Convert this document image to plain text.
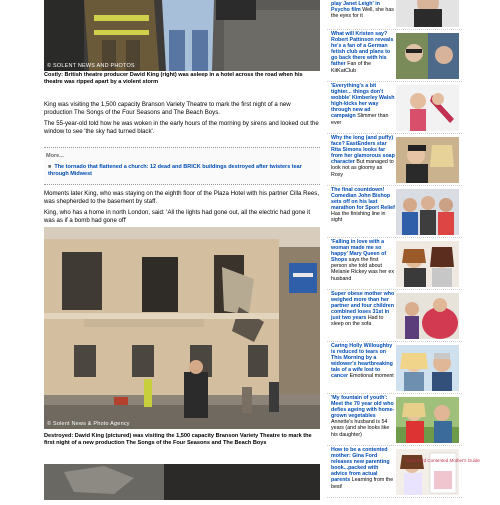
© SOLENT NEWS AND PHOTOS
Costly: British theatre producer David King (right) was asleep in a hotel across the road when his theatre was ripped apart by a violent storm
King was visiting the 1,500 capacity Branson Variety Theatre to mark the first night of a new production The Songs of the Four Seasons and The Beach Boys.
The 55-year-old told how he was woken in the early hours of the morning by sirens and looked out the window to see 'the sky had turned black'.
More...
■ The tornado that flattened a church: 12 dead and BRICK buildings destroyed after twisters tear through Midwest
Moments later King, who was staying on the eighth floor of the Plaza Hotel with his partner Cilla Rees, was shepherded to the basement by staff.
King, who has a home in north London, said: 'All the lights had gone out, all the electric had gone it was as if a bomb had gone off'
© Solent News & Photo Agency
Destroyed: David King (pictured) was visiting the 1,500 capacity Branson Variety Theatre to mark the first night of a new production The Songs of the Four Seasons and The Beach Boys
play Janet Leigh' in Psycho film Well, she has the eyes for it
What will Kristen say? Robert Pattinson reveals he's a fan of a German fetish club and plans to go back there with his father Fan of the KitKatClub
'Everything's a bit tighter... things don't wobble' Kimberley Walsh high-kicks her way through new ad campaign Slimmer than ever
Why the long (and puffy) face? EastEnders star Rita Simons looks far from her glamorous soap character But managed to look not as gloomy as Roxy
The final countdown! Comedian John Bishop sets off on his last marathon for Sport Relief Has the finishing line in sight
'Falling in love with a woman made me so happy' Mary Queen of Shops says the first person she told about Melanie Rickey was her ex husband
Super obese mother who weighed more than her partner and four children combined loses 31st in just two years Had to sleep on the sofa
Caring Holly Willoughby is reduced to tears on This Morning by a widower's heartbreaking tale of a wife lost to cancer Emotional moment
'My fountain of youth': Meet the 70 year old who defies ageing with home-grown vegetables Annette's husband is 54 years (and she looks like his daughter)
How to be a contented mother: Gina Ford releases new parenting book...packed with advice from actual parents Learning from the best!
Gina Ford Contented Mother's Guide
